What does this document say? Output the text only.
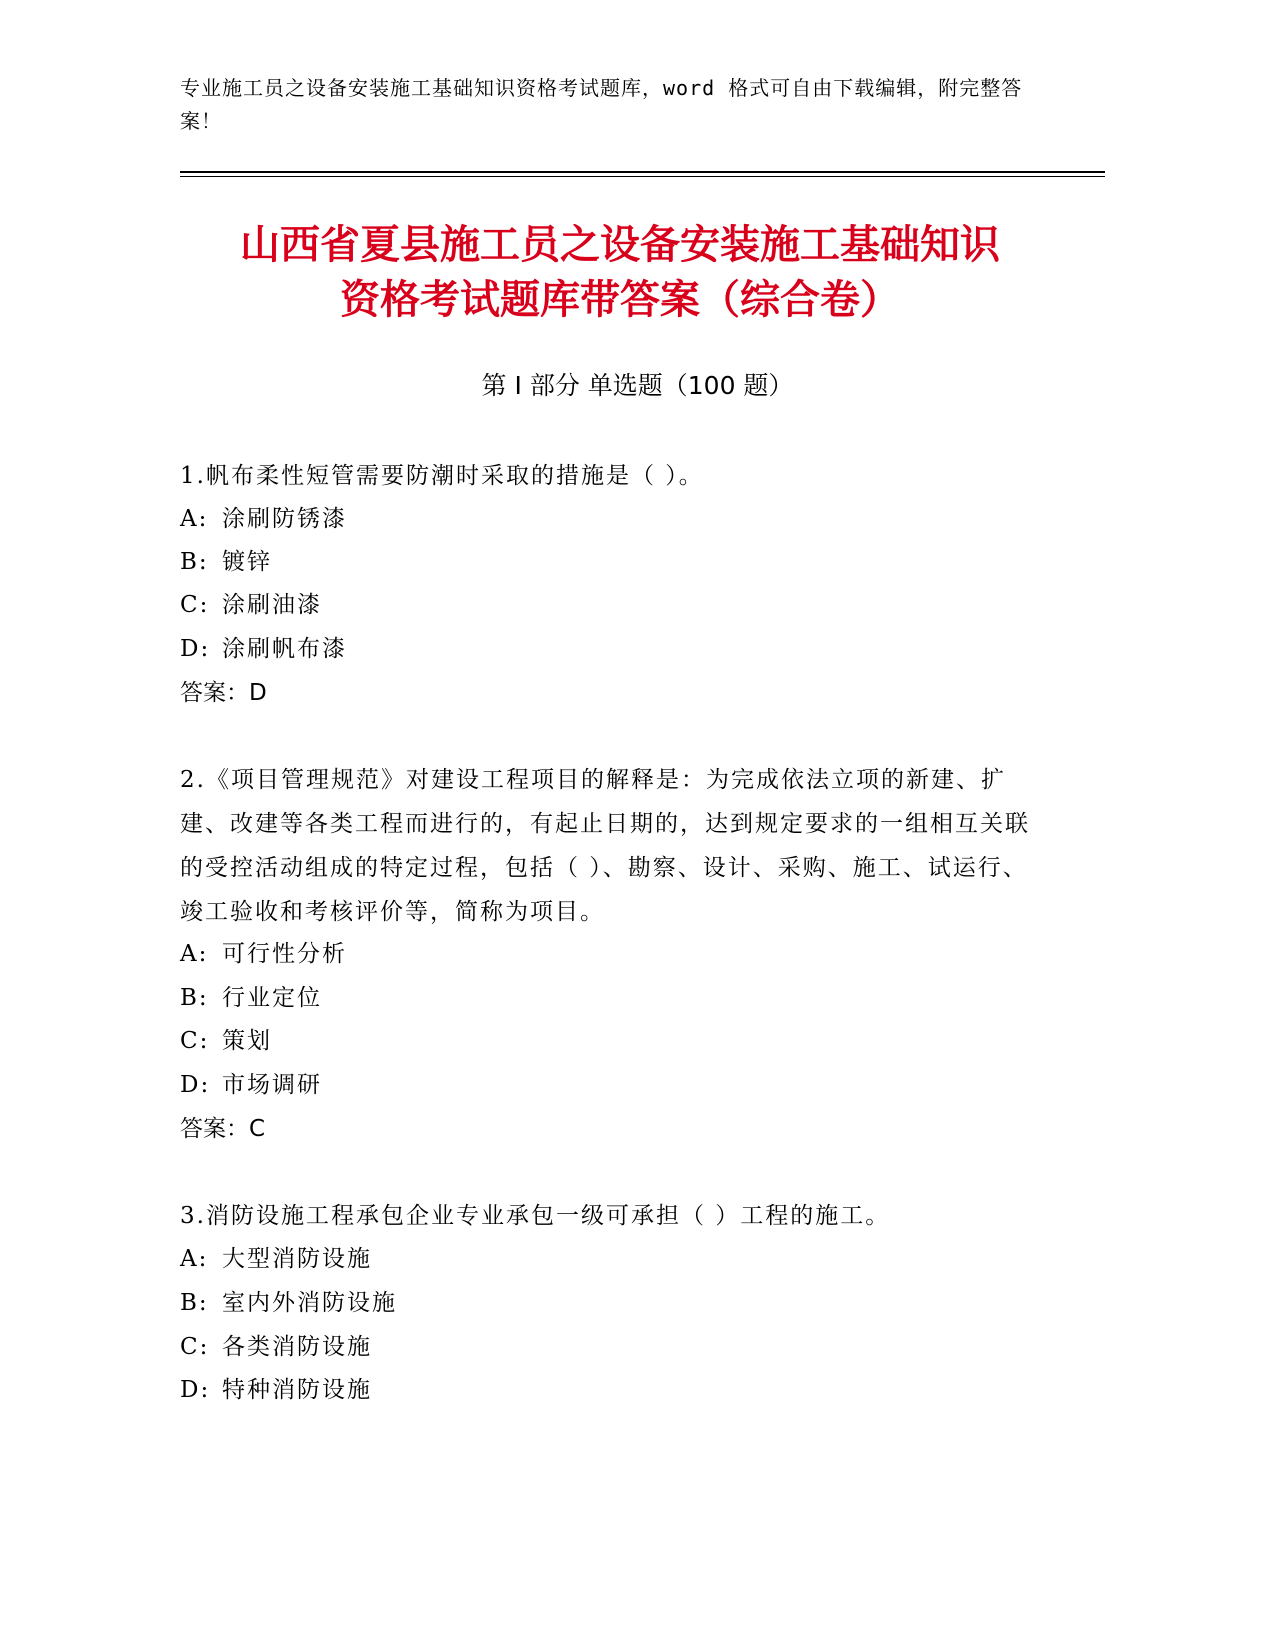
专业施工员之设备安装施工基础知识资格考试题库，word 格式可自由下载编辑，附完整答案！
山西省夏县施工员之设备安装施工基础知识
资格考试题库带答案（综合卷）
第 I 部分 单选题（100 题）
1.帆布柔性短管需要防潮时采取的措施是（ ）。
A: 涂刷防锈漆
B: 镀锌
C: 涂刷油漆
D: 涂刷帆布漆
答案：D
2.《项目管理规范》对建设工程项目的解释是：为完成依法立项的新建、扩建、改建等各类工程而进行的，有起止日期的，达到规定要求的一组相互关联的受控活动组成的特定过程，包括（ ）、勘察、设计、采购、施工、试运行、竣工验收和考核评价等，简称为项目。
A: 可行性分析
B: 行业定位
C: 策划
D: 市场调研
答案：C
3.消防设施工程承包企业专业承包一级可承担（ ）工程的施工。
A: 大型消防设施
B: 室内外消防设施
C: 各类消防设施
D: 特种消防设施
